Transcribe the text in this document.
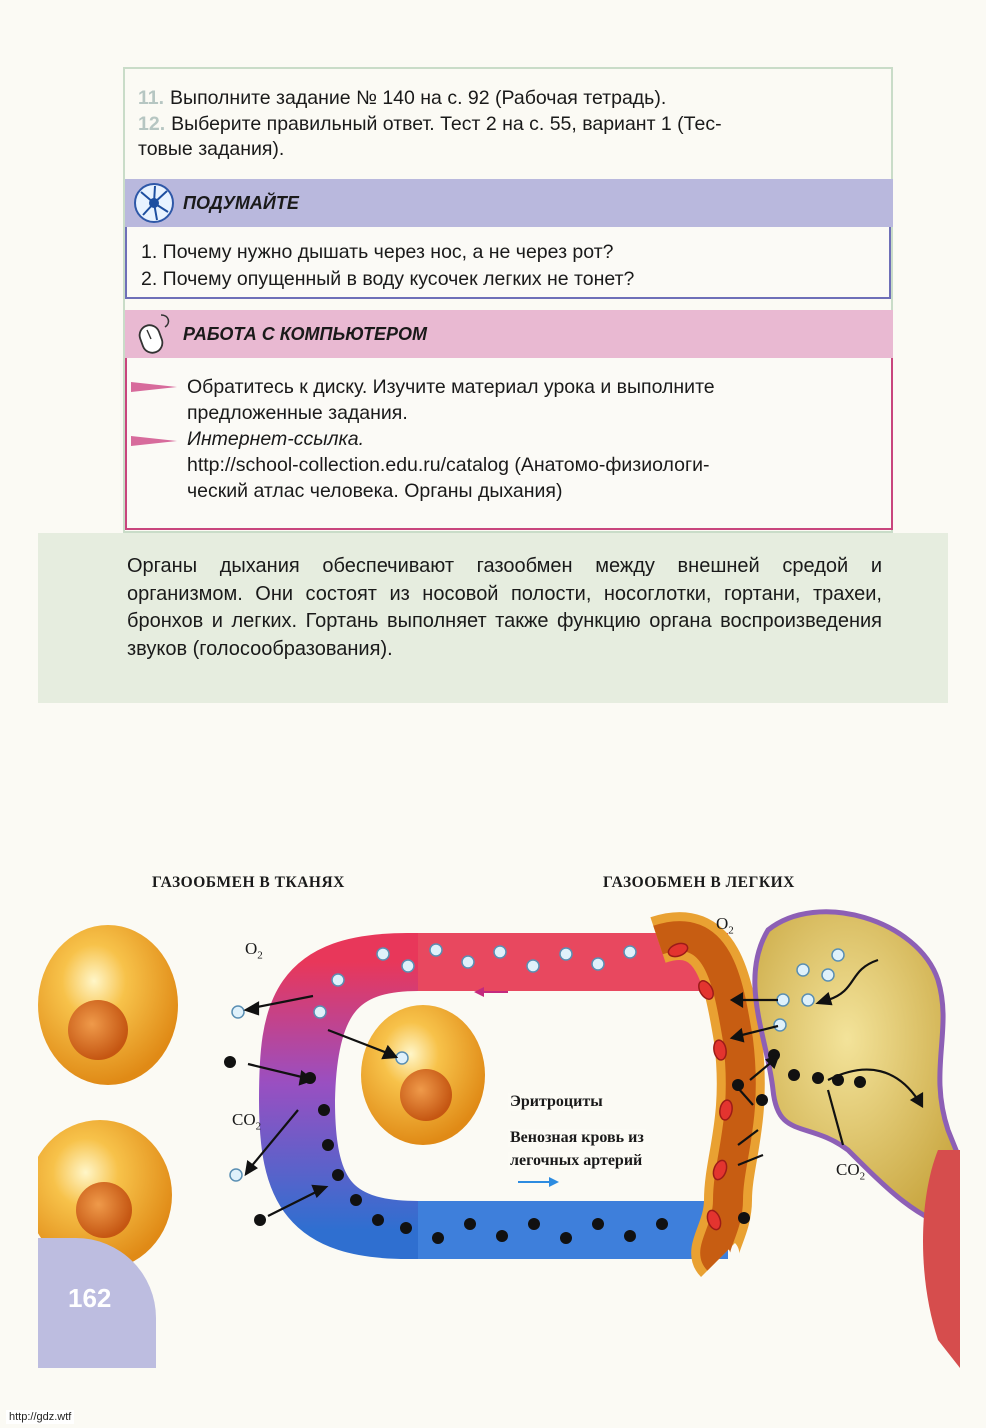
11. Выполните задание № 140 на с. 92 (Рабочая тетрадь).
12. Выберите правильный ответ. Тест 2 на с. 55, вариант 1 (Тес-
товые задания).
ПОДУМАЙТЕ

1. Почему нужно дышать через нос, а не через рот?

2. Почему опущенный в воду кусочек легких не тонет?

РАБОТА С КОМПЬЮТЕРОМ
Обратитесь к диску. Изучите материал урока и выполните
предложенные задания.
Интернет-ссылка.
http://school-collection.edu.ru/catalog (Анатомо-физиологи-
ческий атлас человека. Органы дыхания)
Органы дыхания обеспечивают газообмен между внешней средой и организмом. Они состоят из носовой полости, носоглотки, гортани, трахеи, бронхов и легких. Гортань выполняет также функцию органа воспроизведения звуков (голосообразования).
ГАЗООБМЕН В ТКАНЯХ	ГАЗООБМЕН В ЛЕГКИХ
$O_2$
$CO_2$
$O_2$
$CO_2$
Эритроциты
Венозная кровь из
легочных артерий
162
http://gdz.wtf
